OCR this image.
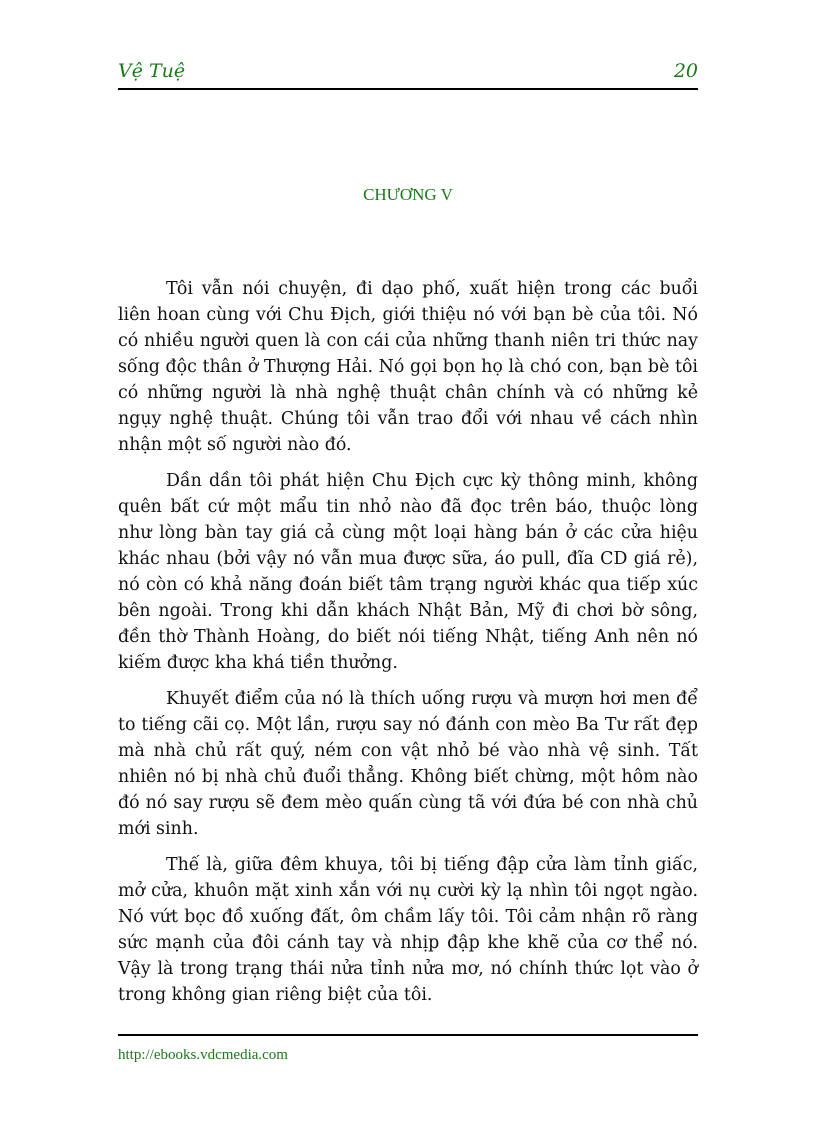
Vệ Tuệ	20
CHƯƠNG V

Tôi vẫn nói chuyện, đi dạo phố, xuất hiện trong các buổi liên hoan cùng với Chu Địch, giới thiệu nó với bạn bè của tôi. Nó có nhiều người quen là con cái của những thanh niên tri thức nay sống độc thân ở Thượng Hải. Nó gọi bọn họ là chó con, bạn bè tôi có những người là nhà nghệ thuật chân chính và có những kẻ ngụy nghệ thuật. Chúng tôi vẫn trao đổi với nhau về cách nhìn nhận một số người nào đó.

Dần dần tôi phát hiện Chu Địch cực kỳ thông minh, không quên bất cứ một mẩu tin nhỏ nào đã đọc trên báo, thuộc lòng như lòng bàn tay giá cả cùng một loại hàng bán ở các cửa hiệu khác nhau (bởi vậy nó vẫn mua được sữa, áo pull, đĩa CD giá rẻ), nó còn có khả năng đoán biết tâm trạng người khác qua tiếp xúc bên ngoài. Trong khi dẫn khách Nhật Bản, Mỹ đi chơi bờ sông, đền thờ Thành Hoàng, do biết nói tiếng Nhật, tiếng Anh nên nó kiếm được kha khá tiền thưởng.

Khuyết điểm của nó là thích uống rượu và mượn hơi men để to tiếng cãi cọ. Một lần, rượu say nó đánh con mèo Ba Tư rất đẹp mà nhà chủ rất quý, ném con vật nhỏ bé vào nhà vệ sinh. Tất nhiên nó bị nhà chủ đuổi thẳng. Không biết chừng, một hôm nào đó nó say rượu sẽ đem mèo quấn cùng tã với đứa bé con nhà chủ mới sinh.

Thế là, giữa đêm khuya, tôi bị tiếng đập cửa làm tỉnh giấc, mở cửa, khuôn mặt xinh xắn với nụ cười kỳ lạ nhìn tôi ngọt ngào. Nó vứt bọc đồ xuống đất, ôm chầm lấy tôi. Tôi cảm nhận rõ ràng sức mạnh của đôi cánh tay và nhịp đập khe khẽ của cơ thể nó. Vậy là trong trạng thái nửa tỉnh nửa mơ, nó chính thức lọt vào ở trong không gian riêng biệt của tôi.

http://ebooks.vdcmedia.com
